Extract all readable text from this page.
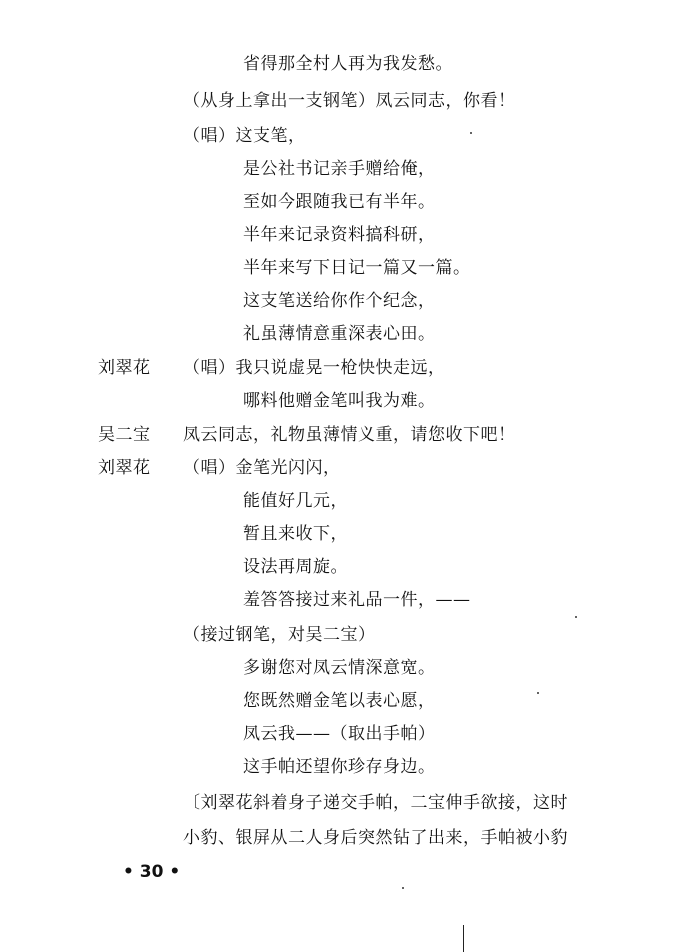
省得那全村人再为我发愁。
（从身上拿出一支钢笔）凤云同志，你看！
（唱）这支笔，
是公社书记亲手赠给俺，
至如今跟随我已有半年。
半年来记录资料搞科研，
半年来写下日记一篇又一篇。
这支笔送给你作个纪念，
礼虽薄情意重深表心田。
刘翠花 （唱）我只说虚晃一枪快快走远，
哪料他赠金笔叫我为难。
吴二宝 凤云同志，礼物虽薄情义重，请您收下吧！
刘翠花 （唱）金笔光闪闪，
能值好几元，
暂且来收下，
设法再周旋。
羞答答接过来礼品一件，——
（接过钢笔，对吴二宝）
多谢您对凤云情深意宽。
您既然赠金笔以表心愿，
凤云我——（取出手帕）
这手帕还望你珍存身边。
〔刘翠花斜着身子递交手帕，二宝伸手欲接，这时
小豹、银屏从二人身后突然钻了出来，手帕被小豹
• 30 •
